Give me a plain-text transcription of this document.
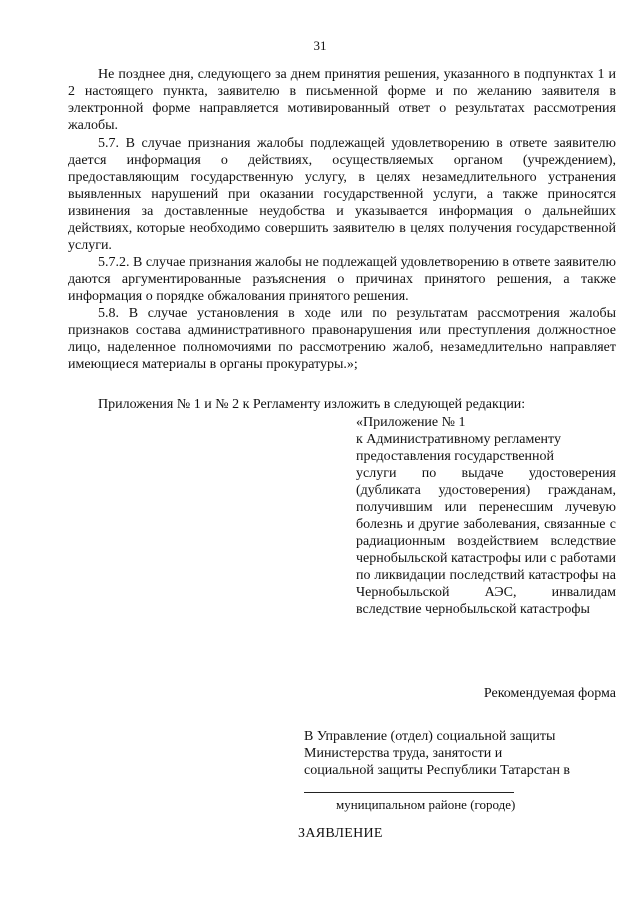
31

Не позднее дня, следующего за днем принятия решения, указанного в подпунктах 1 и 2 настоящего пункта, заявителю в письменной форме и по желанию заявителя в электронной форме направляется мотивированный ответ о результатах рассмотрения жалобы.

5.7. В случае признания жалобы подлежащей удовлетворению в ответе заявителю дается информация о действиях, осуществляемых органом (учреждением), предоставляющим государственную услугу, в целях незамедлительного устранения выявленных нарушений при оказании государственной услуги, а также приносятся извинения за доставленные неудобства и указывается информация о дальнейших действиях, которые необходимо совершить заявителю в целях получения государственной услуги.

5.7.2. В случае признания жалобы не подлежащей удовлетворению в ответе заявителю даются аргументированные разъяснения о причинах принятого решения, а также информация о порядке обжалования принятого решения.

5.8. В случае установления в ходе или по результатам рассмотрения жалобы признаков состава административного правонарушения или преступления должностное лицо, наделенное полномочиями по рассмотрению жалоб, незамедлительно направляет имеющиеся материалы в органы прокуратуры.»;

Приложения № 1 и № 2 к Регламенту изложить в следующей редакции:

«Приложение № 1

к Административному регламенту

предоставления государственной

услуги по выдаче удостоверения (дубликата удостоверения) гражданам, получившим или перенесшим лучевую болезнь и другие заболевания, связанные с радиационным воздействием вследствие чернобыльской катастрофы или с работами по ликвидации последствий катастрофы на Чернобыльской АЭС, инвалидам вследствие чернобыльской катастрофы

Рекомендуемая форма
В Управление (отдел) социальной защиты
Министерства труда, занятости и
социальной защиты Республики Татарстан в
муниципальном районе (городе)
ЗАЯВЛЕНИЕ
